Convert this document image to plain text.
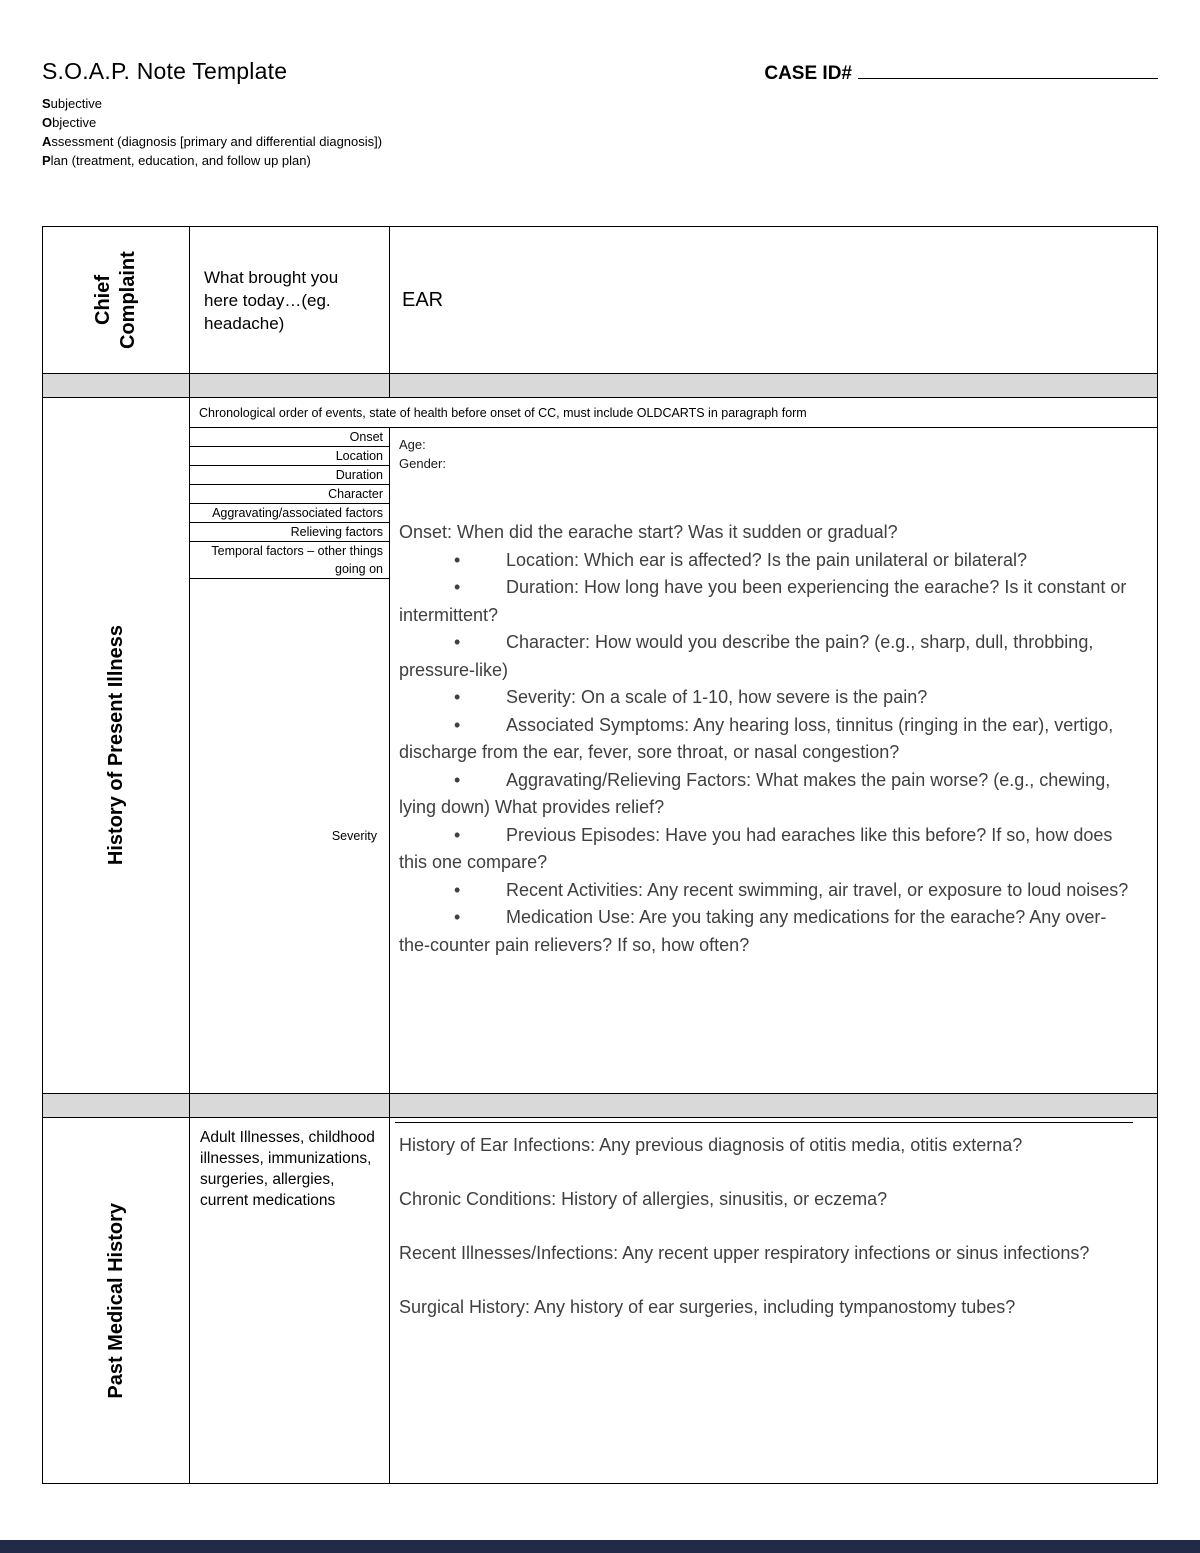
S.O.A.P. Note Template	CASE ID#
Subjective
Objective
Assessment (diagnosis [primary and differential diagnosis])
Plan (treatment, education, and follow up plan)
Chief Complaint	What brought you here today…(eg. headache)
EAR
History of Present Illness
Chronological order of events, state of health before onset of CC, must include OLDCARTS in paragraph form
Onset
Location
Duration
Character
Aggravating/associated factors
Relieving factors
Temporal factors – other things going on
Severity
Age:
Gender:
Onset: When did the earache start? Was it sudden or gradual?
• Location: Which ear is affected? Is the pain unilateral or bilateral?
• Duration: How long have you been experiencing the earache? Is it constant or intermittent?
• Character: How would you describe the pain? (e.g., sharp, dull, throbbing, pressure-like)
• Severity: On a scale of 1-10, how severe is the pain?
• Associated Symptoms: Any hearing loss, tinnitus (ringing in the ear), vertigo, discharge from the ear, fever, sore throat, or nasal congestion?
• Aggravating/Relieving Factors: What makes the pain worse? (e.g., chewing, lying down) What provides relief?
• Previous Episodes: Have you had earaches like this before? If so, how does this one compare?
• Recent Activities: Any recent swimming, air travel, or exposure to loud noises?
• Medication Use: Are you taking any medications for the earache? Any over-the-counter pain relievers? If so, how often?
Past Medical History
Adult Illnesses, childhood illnesses, immunizations, surgeries, allergies, current medications
History of Ear Infections: Any previous diagnosis of otitis media, otitis externa?
Chronic Conditions: History of allergies, sinusitis, or eczema?
Recent Illnesses/Infections: Any recent upper respiratory infections or sinus infections?
Surgical History: Any history of ear surgeries, including tympanostomy tubes?
